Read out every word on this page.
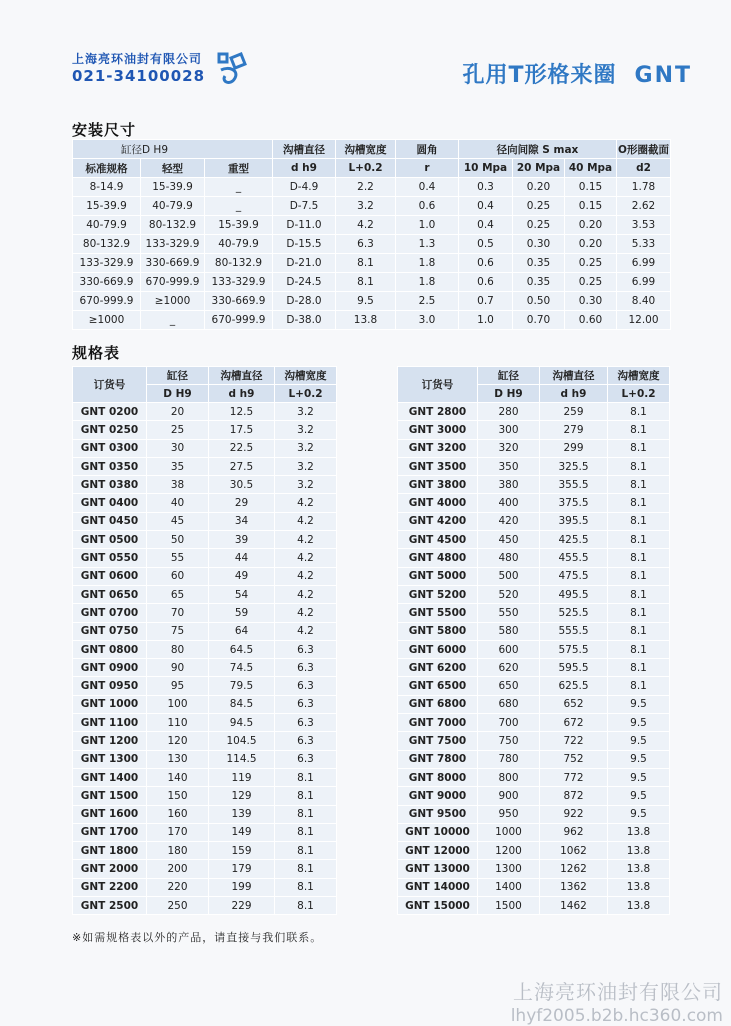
上海亮环油封有限公司
021-34100028	孔用T形格来圈 GNT
安装尺寸
缸径D H9			沟槽直径	沟槽宽度	圆角	径向间隙 S max			O形圈截面
标准规格	轻型	重型	d h9	L+0.2	r	10 Mpa	20 Mpa	40 Mpa	d2
8-14.9	15-39.9	_	D-4.9	2.2	0.4	0.3	0.20	0.15	1.78
15-39.9	40-79.9	_	D-7.5	3.2	0.6	0.4	0.25	0.15	2.62
40-79.9	80-132.9	15-39.9	D-11.0	4.2	1.0	0.4	0.25	0.20	3.53
80-132.9	133-329.9	40-79.9	D-15.5	6.3	1.3	0.5	0.30	0.20	5.33
133-329.9	330-669.9	80-132.9	D-21.0	8.1	1.8	0.6	0.35	0.25	6.99
330-669.9	670-999.9	133-329.9	D-24.5	8.1	1.8	0.6	0.35	0.25	6.99
670-999.9	≥1000	330-669.9	D-28.0	9.5	2.5	0.7	0.50	0.30	8.40
≥1000	_	670-999.9	D-38.0	13.8	3.0	1.0	0.70	0.60	12.00
规格表
订货号	缸径	沟槽直径	沟槽宽度
	D H9	d h9	L+0.2
GNT 0200	20	12.5	3.2
GNT 0250	25	17.5	3.2
GNT 0300	30	22.5	3.2
GNT 0350	35	27.5	3.2
GNT 0380	38	30.5	3.2
GNT 0400	40	29	4.2
GNT 0450	45	34	4.2
GNT 0500	50	39	4.2
GNT 0550	55	44	4.2
GNT 0600	60	49	4.2
GNT 0650	65	54	4.2
GNT 0700	70	59	4.2
GNT 0750	75	64	4.2
GNT 0800	80	64.5	6.3
GNT 0900	90	74.5	6.3
GNT 0950	95	79.5	6.3
GNT 1000	100	84.5	6.3
GNT 1100	110	94.5	6.3
GNT 1200	120	104.5	6.3
GNT 1300	130	114.5	6.3
GNT 1400	140	119	8.1
GNT 1500	150	129	8.1
GNT 1600	160	139	8.1
GNT 1700	170	149	8.1
GNT 1800	180	159	8.1
GNT 2000	200	179	8.1
GNT 2200	220	199	8.1
GNT 2500	250	229	8.1
订货号	缸径	沟槽直径	沟槽宽度
	D H9	d h9	L+0.2
GNT 2800	280	259	8.1
GNT 3000	300	279	8.1
GNT 3200	320	299	8.1
GNT 3500	350	325.5	8.1
GNT 3800	380	355.5	8.1
GNT 4000	400	375.5	8.1
GNT 4200	420	395.5	8.1
GNT 4500	450	425.5	8.1
GNT 4800	480	455.5	8.1
GNT 5000	500	475.5	8.1
GNT 5200	520	495.5	8.1
GNT 5500	550	525.5	8.1
GNT 5800	580	555.5	8.1
GNT 6000	600	575.5	8.1
GNT 6200	620	595.5	8.1
GNT 6500	650	625.5	8.1
GNT 6800	680	652	9.5
GNT 7000	700	672	9.5
GNT 7500	750	722	9.5
GNT 7800	780	752	9.5
GNT 8000	800	772	9.5
GNT 9000	900	872	9.5
GNT 9500	950	922	9.5
GNT 10000	1000	962	13.8
GNT 12000	1200	1062	13.8
GNT 13000	1300	1262	13.8
GNT 14000	1400	1362	13.8
GNT 15000	1500	1462	13.8
※如需规格表以外的产品，请直接与我们联系。
上海亮环油封有限公司
lhyf2005.b2b.hc360.com
